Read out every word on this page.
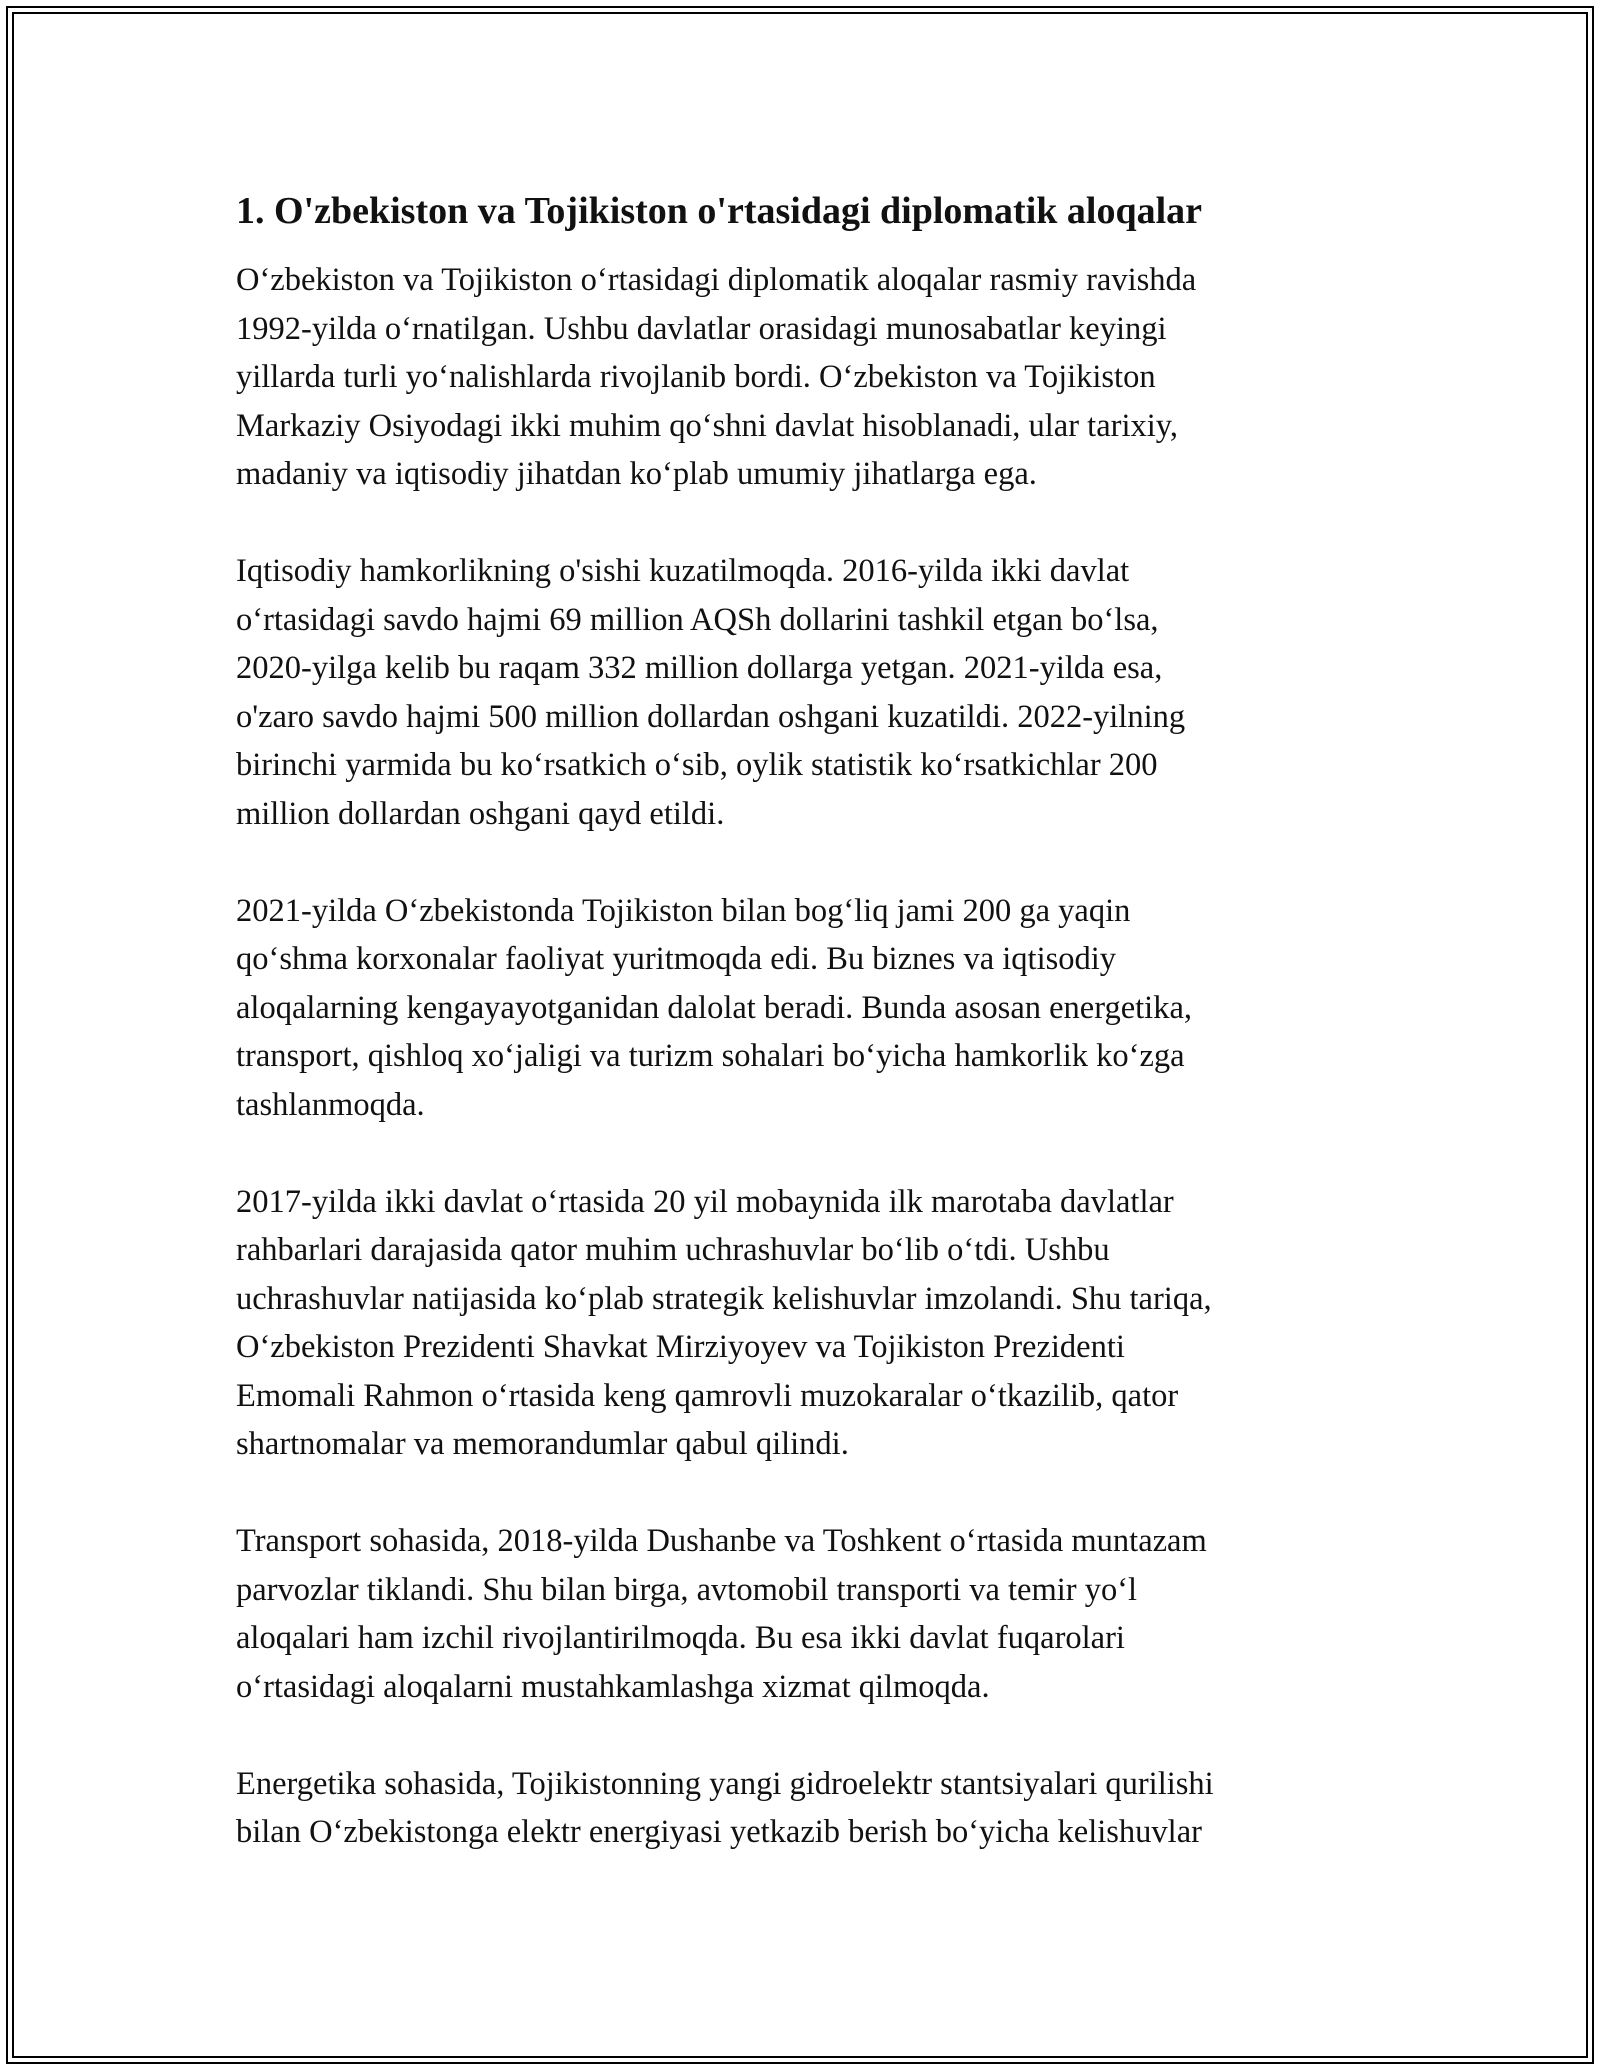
1. O'zbekiston va Tojikiston o'rtasidagi diplomatik aloqalar

O‘zbekiston va Tojikiston o‘rtasidagi diplomatik aloqalar rasmiy ravishda
1992-yilda o‘rnatilgan. Ushbu davlatlar orasidagi munosabatlar keyingi
yillarda turli yo‘nalishlarda rivojlanib bordi. O‘zbekiston va Tojikiston
Markaziy Osiyodagi ikki muhim qo‘shni davlat hisoblanadi, ular tarixiy,
madaniy va iqtisodiy jihatdan ko‘plab umumiy jihatlarga ega.

Iqtisodiy hamkorlikning o'sishi kuzatilmoqda. 2016-yilda ikki davlat
o‘rtasidagi savdo hajmi 69 million AQSh dollarini tashkil etgan bo‘lsa,
2020-yilga kelib bu raqam 332 million dollarga yetgan. 2021-yilda esa,
o'zaro savdo hajmi 500 million dollardan oshgani kuzatildi. 2022-yilning
birinchi yarmida bu ko‘rsatkich o‘sib, oylik statistik ko‘rsatkichlar 200
million dollardan oshgani qayd etildi.

2021-yilda O‘zbekistonda Tojikiston bilan bog‘liq jami 200 ga yaqin
qo‘shma korxonalar faoliyat yuritmoqda edi. Bu biznes va iqtisodiy
aloqalarning kengayayotganidan dalolat beradi. Bunda asosan energetika,
transport, qishloq xo‘jaligi va turizm sohalari bo‘yicha hamkorlik ko‘zga
tashlanmoqda.

2017-yilda ikki davlat o‘rtasida 20 yil mobaynida ilk marotaba davlatlar
rahbarlari darajasida qator muhim uchrashuvlar bo‘lib o‘tdi. Ushbu
uchrashuvlar natijasida ko‘plab strategik kelishuvlar imzolandi. Shu tariqa,
O‘zbekiston Prezidenti Shavkat Mirziyoyev va Tojikiston Prezidenti
Emomali Rahmon o‘rtasida keng qamrovli muzokaralar o‘tkazilib, qator
shartnomalar va memorandumlar qabul qilindi.

Transport sohasida, 2018-yilda Dushanbe va Toshkent o‘rtasida muntazam
parvozlar tiklandi. Shu bilan birga, avtomobil transporti va temir yo‘l
aloqalari ham izchil rivojlantirilmoqda. Bu esa ikki davlat fuqarolari
o‘rtasidagi aloqalarni mustahkamlashga xizmat qilmoqda.

Energetika sohasida, Tojikistonning yangi gidroelektr stantsiyalari qurilishi
bilan O‘zbekistonga elektr energiyasi yetkazib berish bo‘yicha kelishuvlar
